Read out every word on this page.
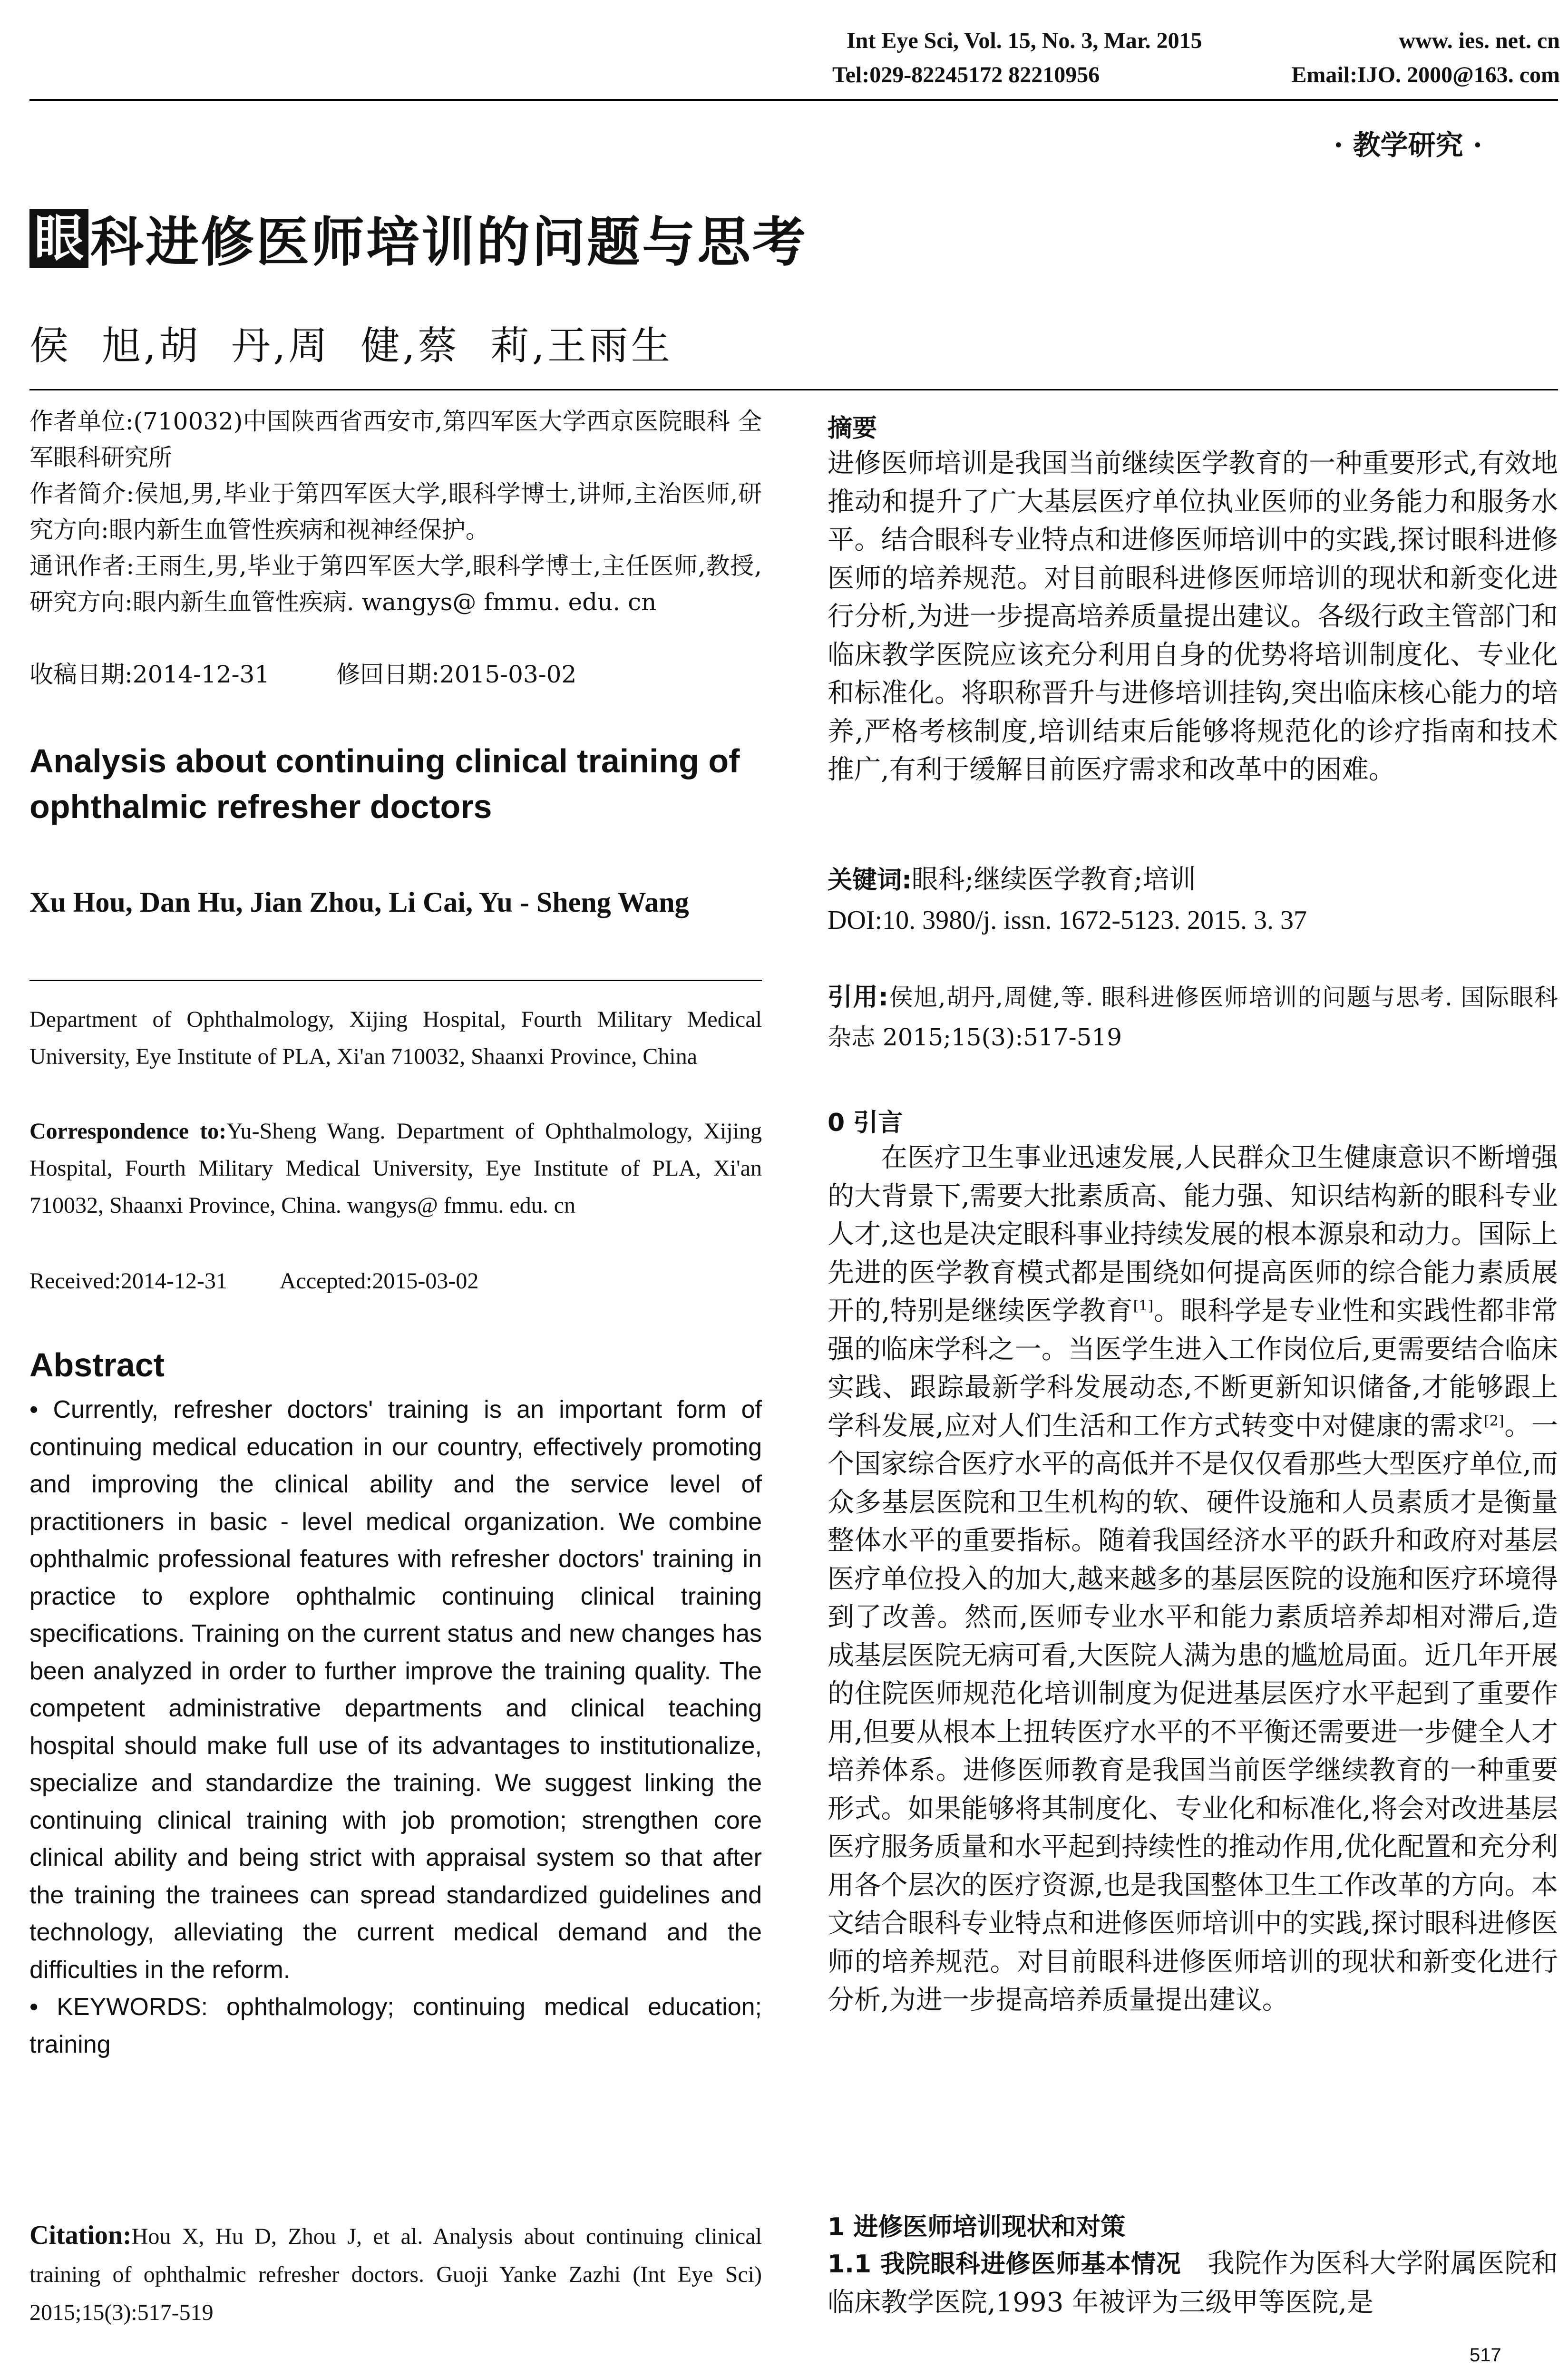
Int Eye Sci, Vol. 15, No. 3, Mar. 2015	www. ies. net. cn
Tel:029-82245172 82210956	Email:IJO. 2000@163. com
· 教学研究 ·
眼 科进修医师培训的问题与思考
侯  旭,胡  丹,周  健,蔡  莉,王雨生
作者单位:(710032)中国陕西省西安市,第四军医大学西京医院眼科 全军眼科研究所
作者简介:侯旭,男,毕业于第四军医大学,眼科学博士,讲师,主治医师,研究方向:眼内新生血管性疾病和视神经保护。
通讯作者:王雨生,男,毕业于第四军医大学,眼科学博士,主任医师,教授,研究方向:眼内新生血管性疾病. wangys@ fmmu. edu. cn
收稿日期:2014-12-31	修回日期:2015-03-02
Analysis about continuing clinical training of ophthalmic refresher doctors
Xu Hou, Dan Hu, Jian Zhou, Li Cai, Yu - Sheng Wang
Department of Ophthalmology, Xijing Hospital, Fourth Military Medical University, Eye Institute of PLA, Xi'an 710032, Shaanxi Province, China
Correspondence to:Yu-Sheng Wang. Department of Ophthalmology, Xijing Hospital, Fourth Military Medical University, Eye Institute of PLA, Xi'an 710032, Shaanxi Province, China. wangys@ fmmu. edu. cn
Received:2014-12-31 Accepted:2015-03-02
Abstract

• Currently, refresher doctors' training is an important form of continuing medical education in our country, effectively promoting and improving the clinical ability and the service level of practitioners in basic - level medical organization. We combine ophthalmic professional features with refresher doctors' training in practice to explore ophthalmic continuing clinical training specifications. Training on the current status and new changes has been analyzed in order to further improve the training quality. The competent administrative departments and clinical teaching hospital should make full use of its advantages to institutionalize, specialize and standardize the training. We suggest linking the continuing clinical training with job promotion; strengthen core clinical ability and being strict with appraisal system so that after the training the trainees can spread standardized guidelines and technology, alleviating the current medical demand and the difficulties in the reform.

• KEYWORDS: ophthalmology; continuing medical education; training

Citation:Hou X, Hu D, Zhou J, et al. Analysis about continuing clinical training of ophthalmic refresher doctors. Guoji Yanke Zazhi (Int Eye Sci) 2015;15(3):517-519
摘要
进修医师培训是我国当前继续医学教育的一种重要形式,有效地推动和提升了广大基层医疗单位执业医师的业务能力和服务水平。结合眼科专业特点和进修医师培训中的实践,探讨眼科进修医师的培养规范。对目前眼科进修医师培训的现状和新变化进行分析,为进一步提高培养质量提出建议。各级行政主管部门和临床教学医院应该充分利用自身的优势将培训制度化、专业化和标准化。将职称晋升与进修培训挂钩,突出临床核心能力的培养,严格考核制度,培训结束后能够将规范化的诊疗指南和技术推广,有利于缓解目前医疗需求和改革中的困难。
关键词:眼科;继续医学教育;培训
DOI:10. 3980/j. issn. 1672-5123. 2015. 3. 37
引用:侯旭,胡丹,周健,等. 眼科进修医师培训的问题与思考. 国际眼科杂志 2015;15(3):517-519
0 引言
在医疗卫生事业迅速发展,人民群众卫生健康意识不断增强的大背景下,需要大批素质高、能力强、知识结构新的眼科专业人才,这也是决定眼科事业持续发展的根本源泉和动力。国际上先进的医学教育模式都是围绕如何提高医师的综合能力素质展开的,特别是继续医学教育[1]。眼科学是专业性和实践性都非常强的临床学科之一。当医学生进入工作岗位后,更需要结合临床实践、跟踪最新学科发展动态,不断更新知识储备,才能够跟上学科发展,应对人们生活和工作方式转变中对健康的需求[2]。一个国家综合医疗水平的高低并不是仅仅看那些大型医疗单位,而众多基层医院和卫生机构的软、硬件设施和人员素质才是衡量整体水平的重要指标。随着我国经济水平的跃升和政府对基层医疗单位投入的加大,越来越多的基层医院的设施和医疗环境得到了改善。然而,医师专业水平和能力素质培养却相对滞后,造成基层医院无病可看,大医院人满为患的尴尬局面。近几年开展的住院医师规范化培训制度为促进基层医疗水平起到了重要作用,但要从根本上扭转医疗水平的不平衡还需要进一步健全人才培养体系。进修医师教育是我国当前医学继续教育的一种重要形式。如果能够将其制度化、专业化和标准化,将会对改进基层医疗服务质量和水平起到持续性的推动作用,优化配置和充分利用各个层次的医疗资源,也是我国整体卫生工作改革的方向。本文结合眼科专业特点和进修医师培训中的实践,探讨眼科进修医师的培养规范。对目前眼科进修医师培训的现状和新变化进行分析,为进一步提高培养质量提出建议。
1 进修医师培训现状和对策
1.1 我院眼科进修医师基本情况 我院作为医科大学附属医院和临床教学医院,1993 年被评为三级甲等医院,是
517
